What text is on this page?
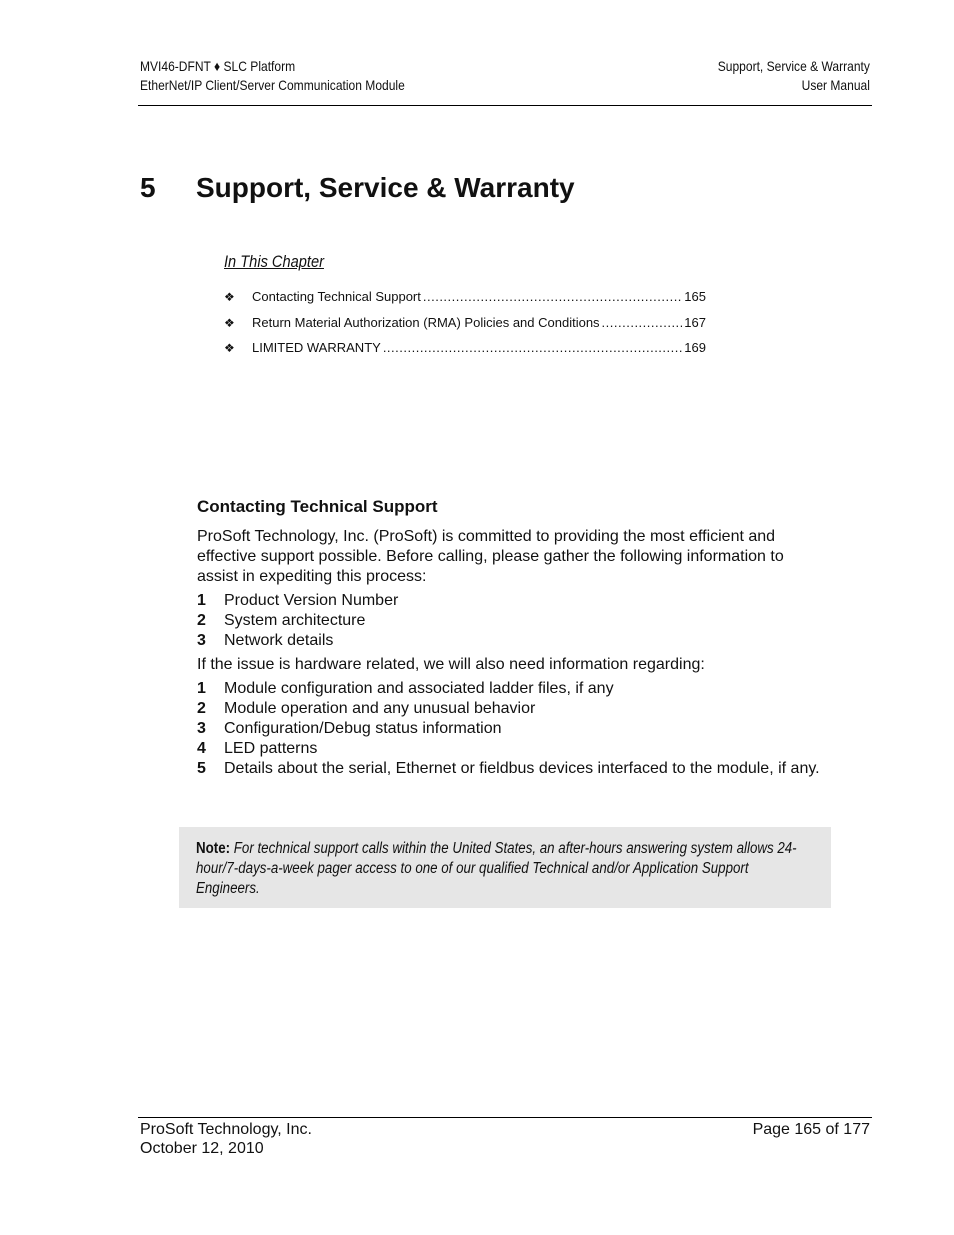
MVI46-DFNT ♦ SLC Platform
EtherNet/IP Client/Server Communication Module
Support, Service & Warranty
User Manual
5 Support, Service & Warranty
In This Chapter
❖	Contacting Technical Support .....	165
❖	Return Material Authorization (RMA) Policies and Conditions .....	167
❖	LIMITED WARRANTY .....	169
Contacting Technical Support
ProSoft Technology, Inc. (ProSoft) is committed to providing the most efficient and effective support possible. Before calling, please gather the following information to assist in expediting this process:
1	Product Version Number
2	System architecture
3	Network details
If the issue is hardware related, we will also need information regarding:
1	Module configuration and associated ladder files, if any
2	Module operation and any unusual behavior
3	Configuration/Debug status information
4	LED patterns
5	Details about the serial, Ethernet or fieldbus devices interfaced to the module, if any.
Note: For technical support calls within the United States, an after-hours answering system allows 24-hour/7-days-a-week pager access to one of our qualified Technical and/or Application Support Engineers.
ProSoft Technology, Inc.
October 12, 2010
Page 165 of 177
